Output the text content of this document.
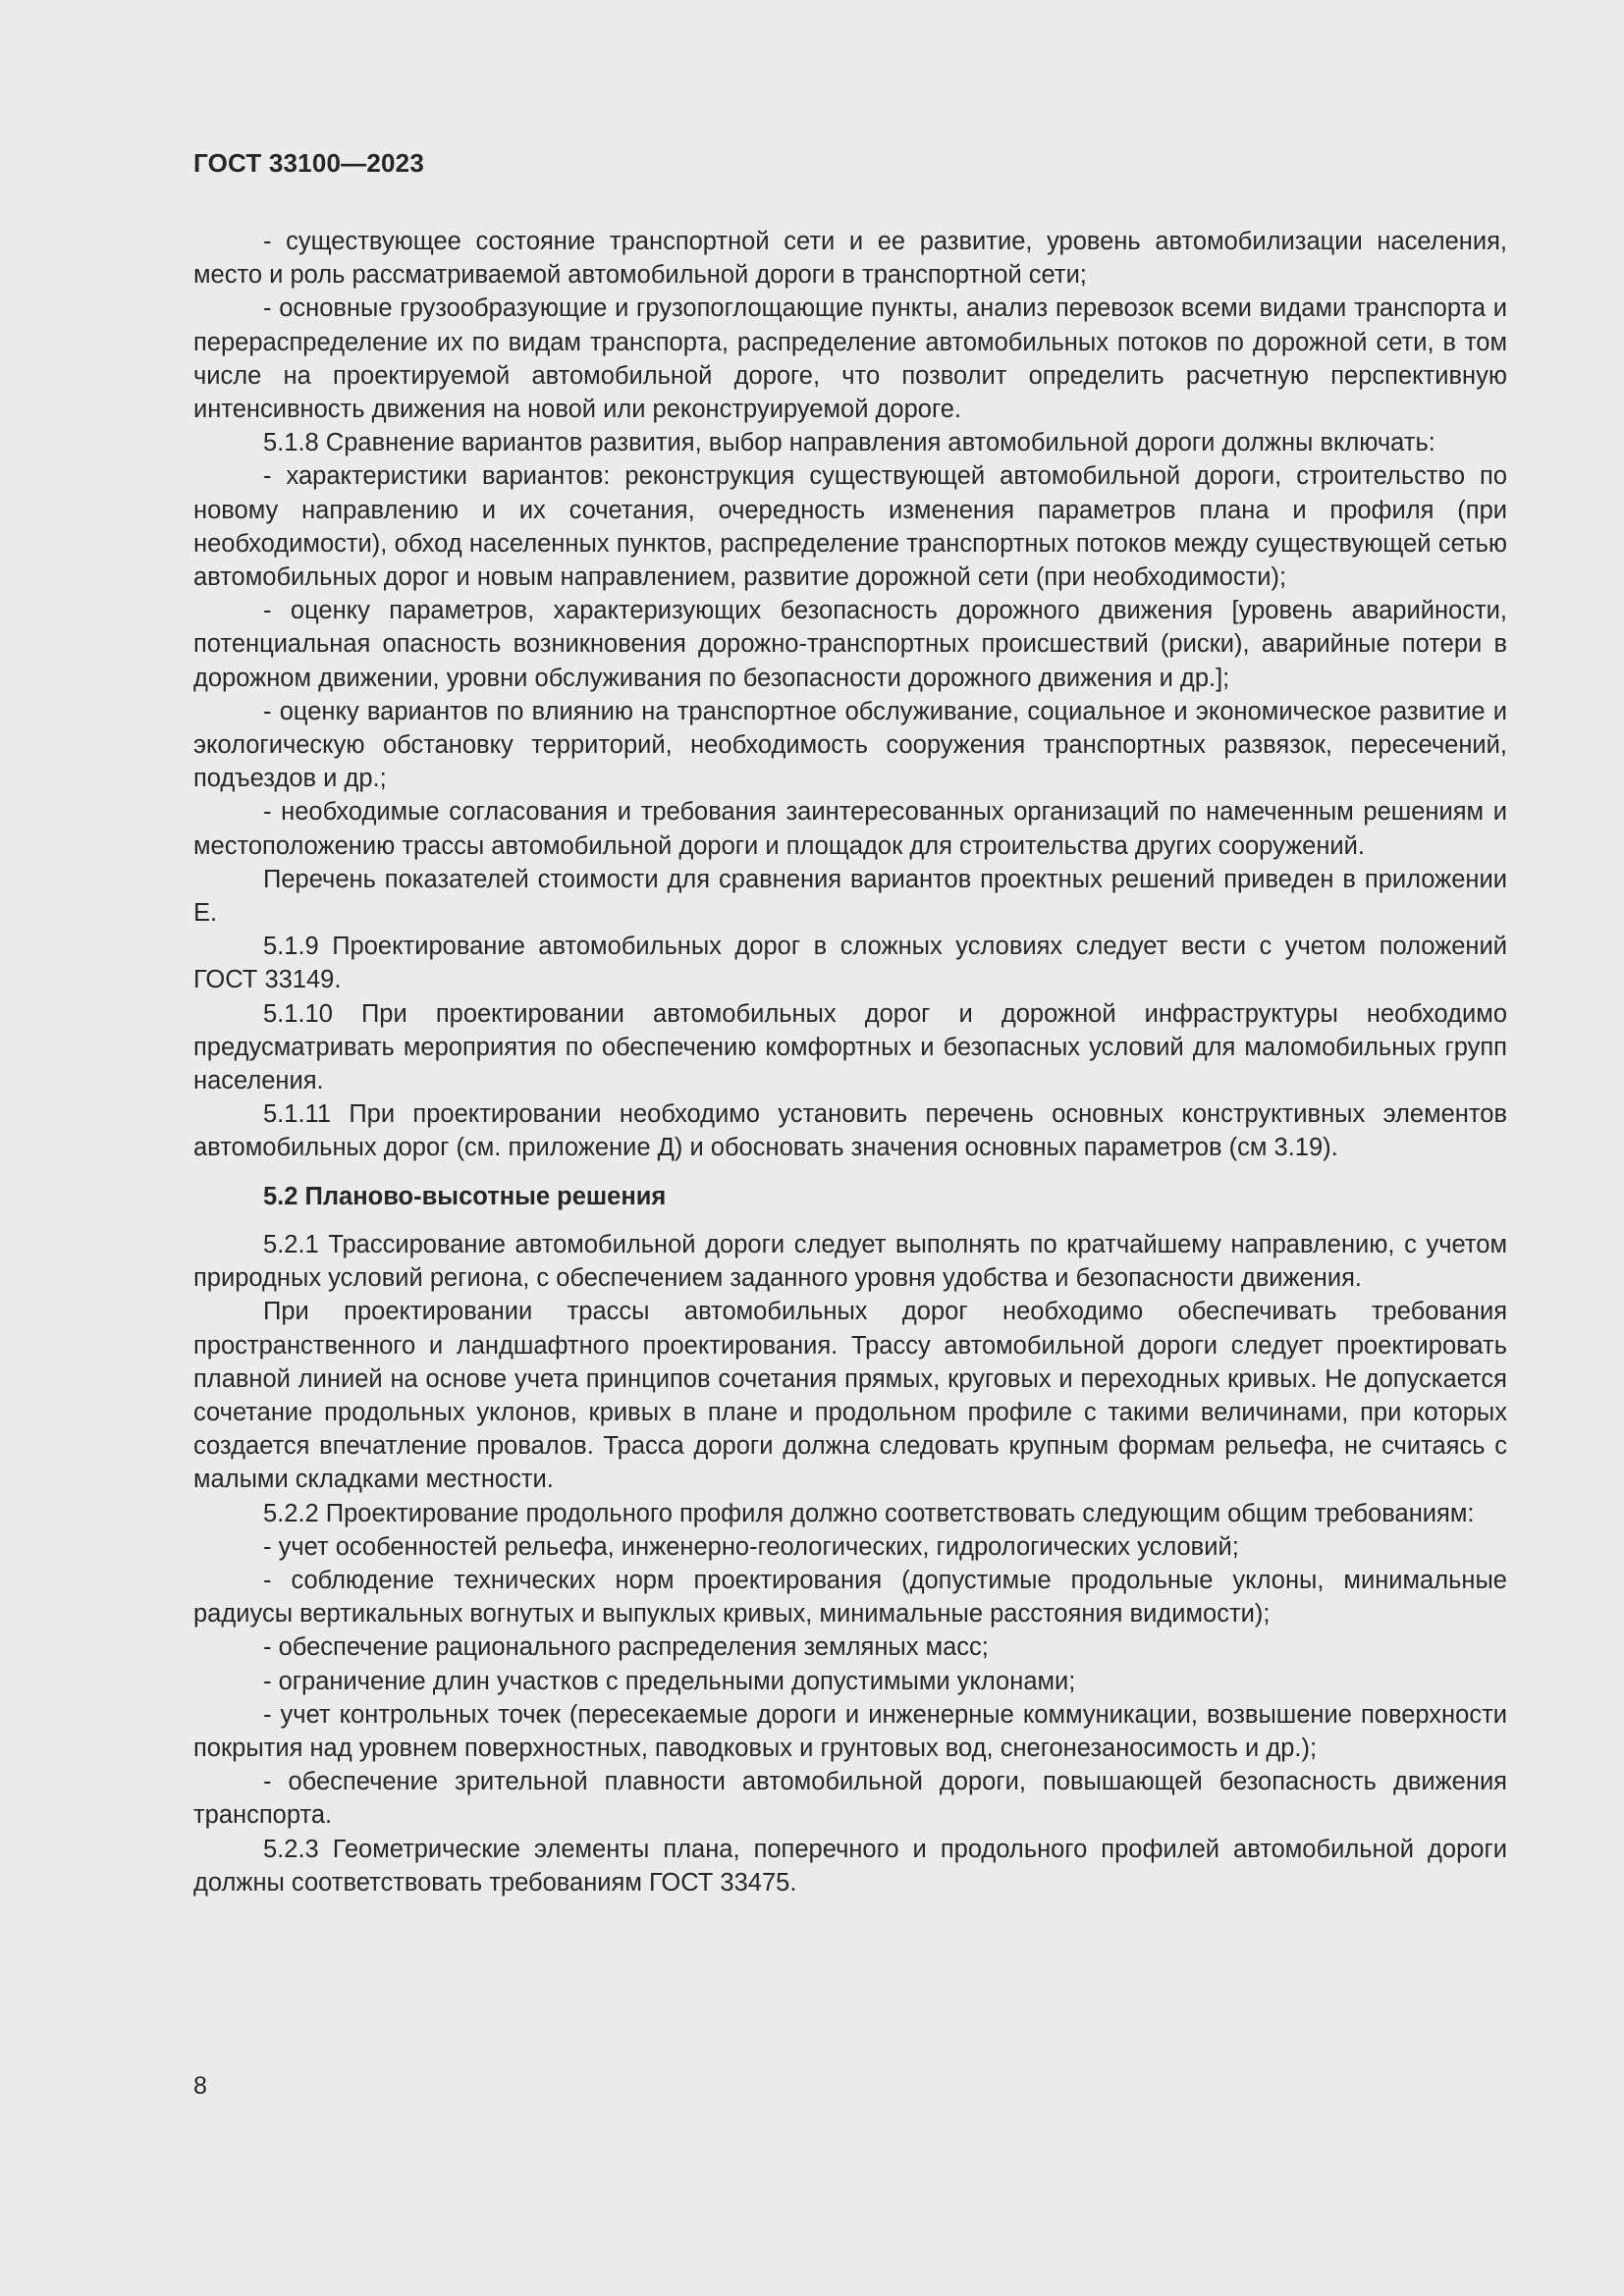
ГОСТ 33100—2023

- существующее состояние транспортной сети и ее развитие, уровень автомобилизации населения, место и роль рассматриваемой автомобильной дороги в транспортной сети;

- основные грузообразующие и грузопоглощающие пункты, анализ перевозок всеми видами транспорта и перераспределение их по видам транспорта, распределение автомобильных потоков по дорожной сети, в том числе на проектируемой автомобильной дороге, что позволит определить расчетную перспективную интенсивность движения на новой или реконструируемой дороге.

5.1.8 Сравнение вариантов развития, выбор направления автомобильной дороги должны включать:

- характеристики вариантов: реконструкция существующей автомобильной дороги, строительство по новому направлению и их сочетания, очередность изменения параметров плана и профиля (при необходимости), обход населенных пунктов, распределение транспортных потоков между существующей сетью автомобильных дорог и новым направлением, развитие дорожной сети (при необходимости);

- оценку параметров, характеризующих безопасность дорожного движения [уровень аварийности, потенциальная опасность возникновения дорожно-транспортных происшествий (риски), аварийные потери в дорожном движении, уровни обслуживания по безопасности дорожного движения и др.];

- оценку вариантов по влиянию на транспортное обслуживание, социальное и экономическое развитие и экологическую обстановку территорий, необходимость сооружения транспортных развязок, пересечений, подъездов и др.;

- необходимые согласования и требования заинтересованных организаций по намеченным решениям и местоположению трассы автомобильной дороги и площадок для строительства других сооружений.

Перечень показателей стоимости для сравнения вариантов проектных решений приведен в приложении Е.

5.1.9 Проектирование автомобильных дорог в сложных условиях следует вести с учетом положений ГОСТ 33149.

5.1.10 При проектировании автомобильных дорог и дорожной инфраструктуры необходимо предусматривать мероприятия по обеспечению комфортных и безопасных условий для маломобильных групп населения.

5.1.11 При проектировании необходимо установить перечень основных конструктивных элементов автомобильных дорог (см. приложение Д) и обосновать значения основных параметров (см 3.19).

5.2 Планово-высотные решения

5.2.1 Трассирование автомобильной дороги следует выполнять по кратчайшему направлению, с учетом природных условий региона, с обеспечением заданного уровня удобства и безопасности движения.

При проектировании трассы автомобильных дорог необходимо обеспечивать требования пространственного и ландшафтного проектирования. Трассу автомобильной дороги следует проектировать плавной линией на основе учета принципов сочетания прямых, круговых и переходных кривых. Не допускается сочетание продольных уклонов, кривых в плане и продольном профиле с такими величинами, при которых создается впечатление провалов. Трасса дороги должна следовать крупным формам рельефа, не считаясь с малыми складками местности.

5.2.2 Проектирование продольного профиля должно соответствовать следующим общим требованиям:

- учет особенностей рельефа, инженерно-геологических, гидрологических условий;

- соблюдение технических норм проектирования (допустимые продольные уклоны, минимальные радиусы вертикальных вогнутых и выпуклых кривых, минимальные расстояния видимости);

- обеспечение рационального распределения земляных масс;

- ограничение длин участков с предельными допустимыми уклонами;

- учет контрольных точек (пересекаемые дороги и инженерные коммуникации, возвышение поверхности покрытия над уровнем поверхностных, паводковых и грунтовых вод, снегонезаносимость и др.);

- обеспечение зрительной плавности автомобильной дороги, повышающей безопасность движения транспорта.

5.2.3 Геометрические элементы плана, поперечного и продольного профилей автомобильной дороги должны соответствовать требованиям ГОСТ 33475.

8
